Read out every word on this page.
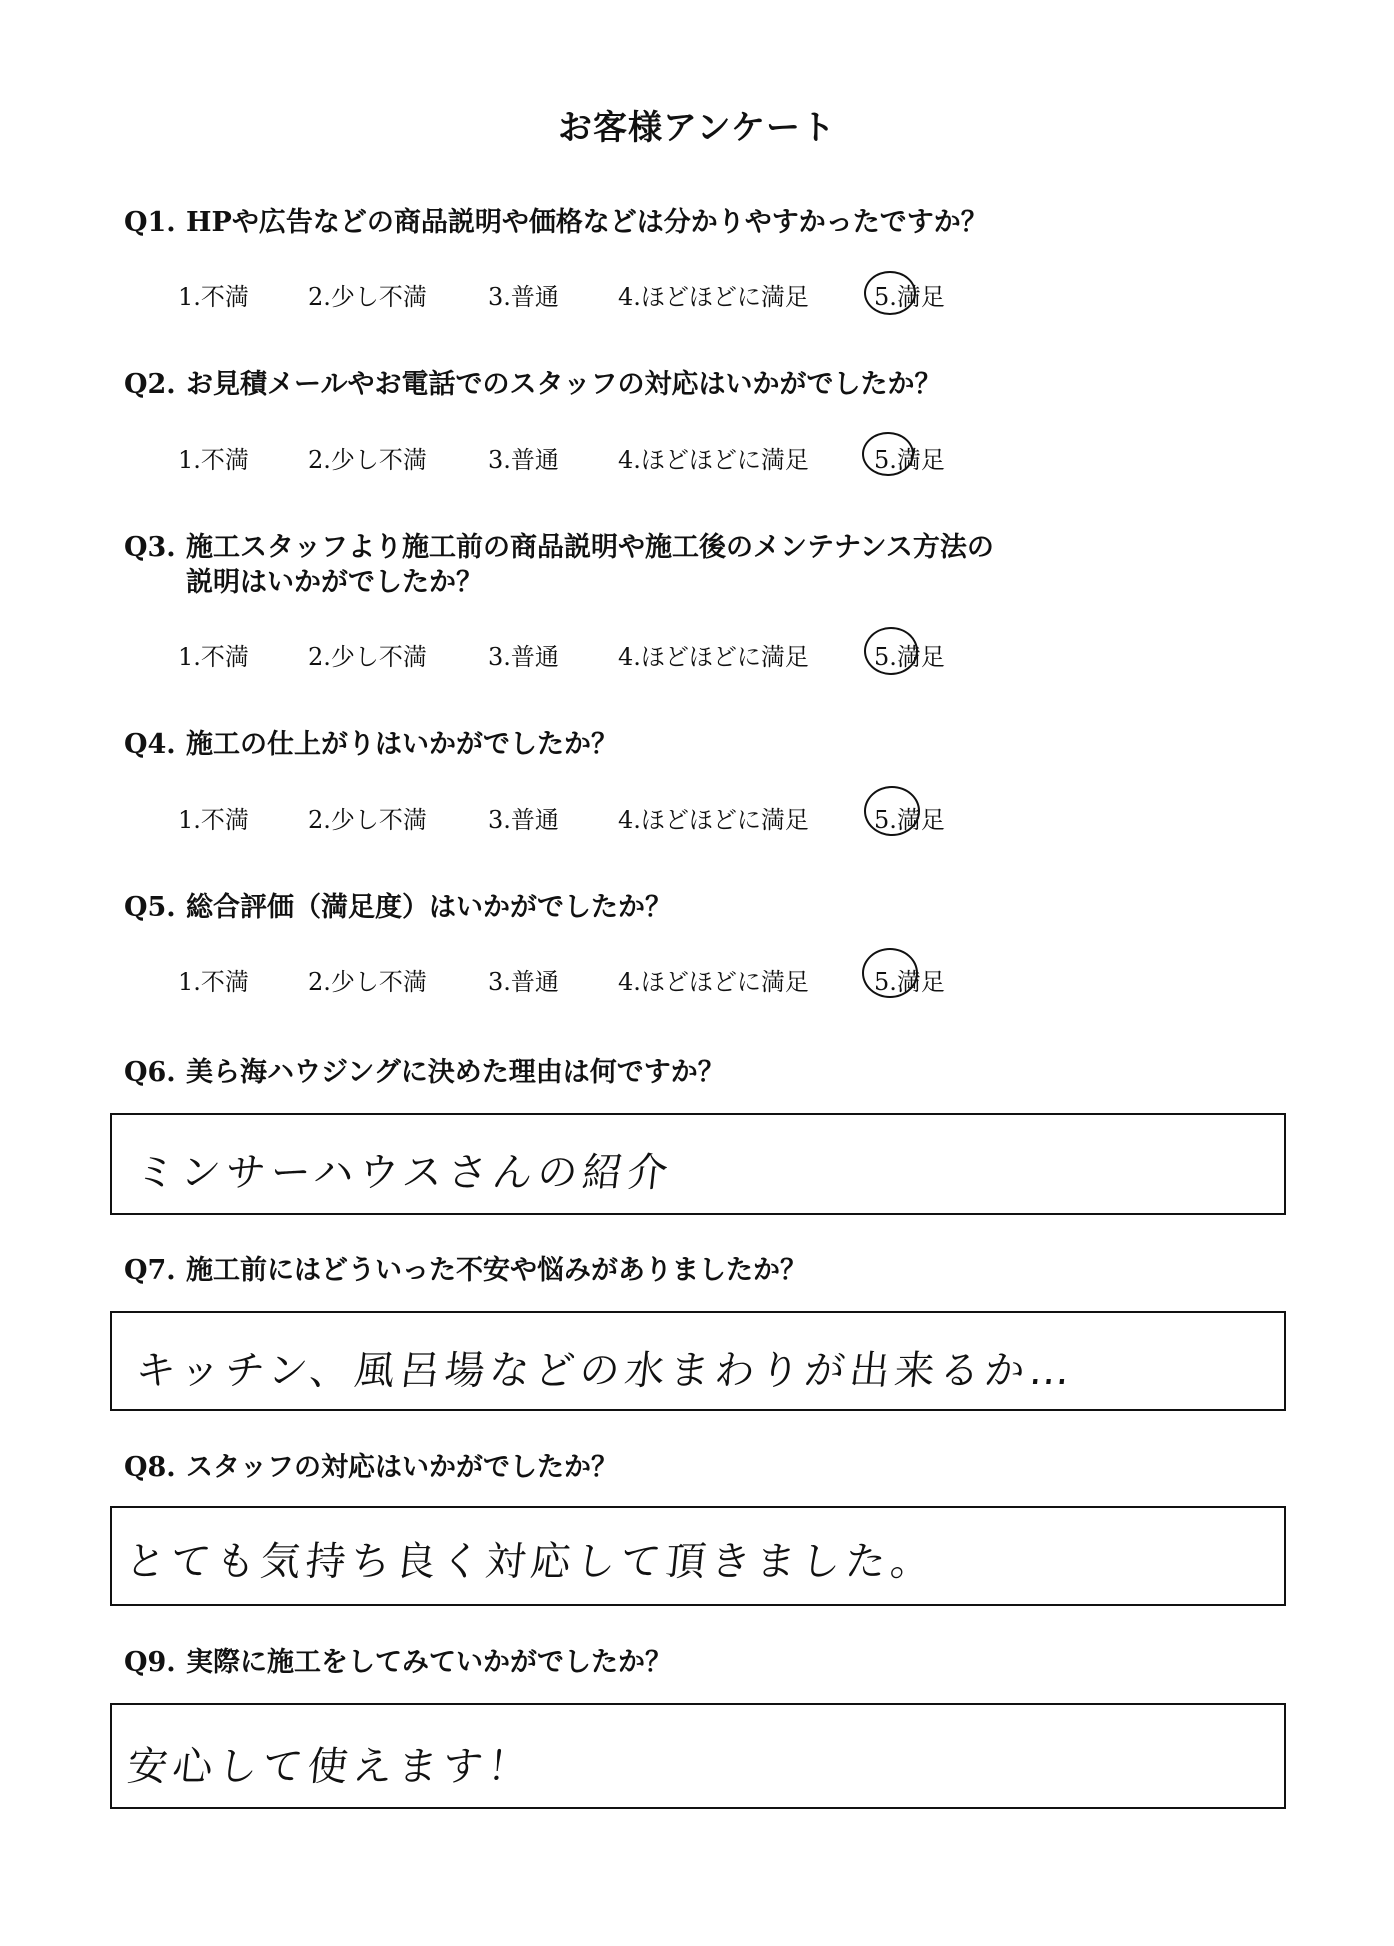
お客様アンケート
Q1. HPや広告などの商品説明や価格などは分かりやすかったですか？
1.不満 2.少し不満	3.普通 4.ほどほどに満足	5.満足
Q2. お見積メールやお電話でのスタッフの対応はいかがでしたか？
1.不満 2.少し不満	3.普通 4.ほどほどに満足	5.満足
Q3. 施工スタッフより施工前の商品説明や施工後のメンテナンス方法の
説明はいかがでしたか？
1.不満 2.少し不満	3.普通 4.ほどほどに満足	5.満足
Q4. 施工の仕上がりはいかがでしたか？
1.不満 2.少し不満	3.普通 4.ほどほどに満足	5.満足
Q5. 総合評価（満足度）はいかがでしたか？
1.不満 2.少し不満	3.普通 4.ほどほどに満足	5.満足
Q6. 美ら海ハウジングに決めた理由は何ですか？
ミンサーハウスさんの紹介
Q7. 施工前にはどういった不安や悩みがありましたか？
キッチン、風呂場などの水まわりが出来るか…
Q8. スタッフの対応はいかがでしたか？
とても気持ち良く対応して頂きました。
Q9. 実際に施工をしてみていかがでしたか？
安心して使えます！
